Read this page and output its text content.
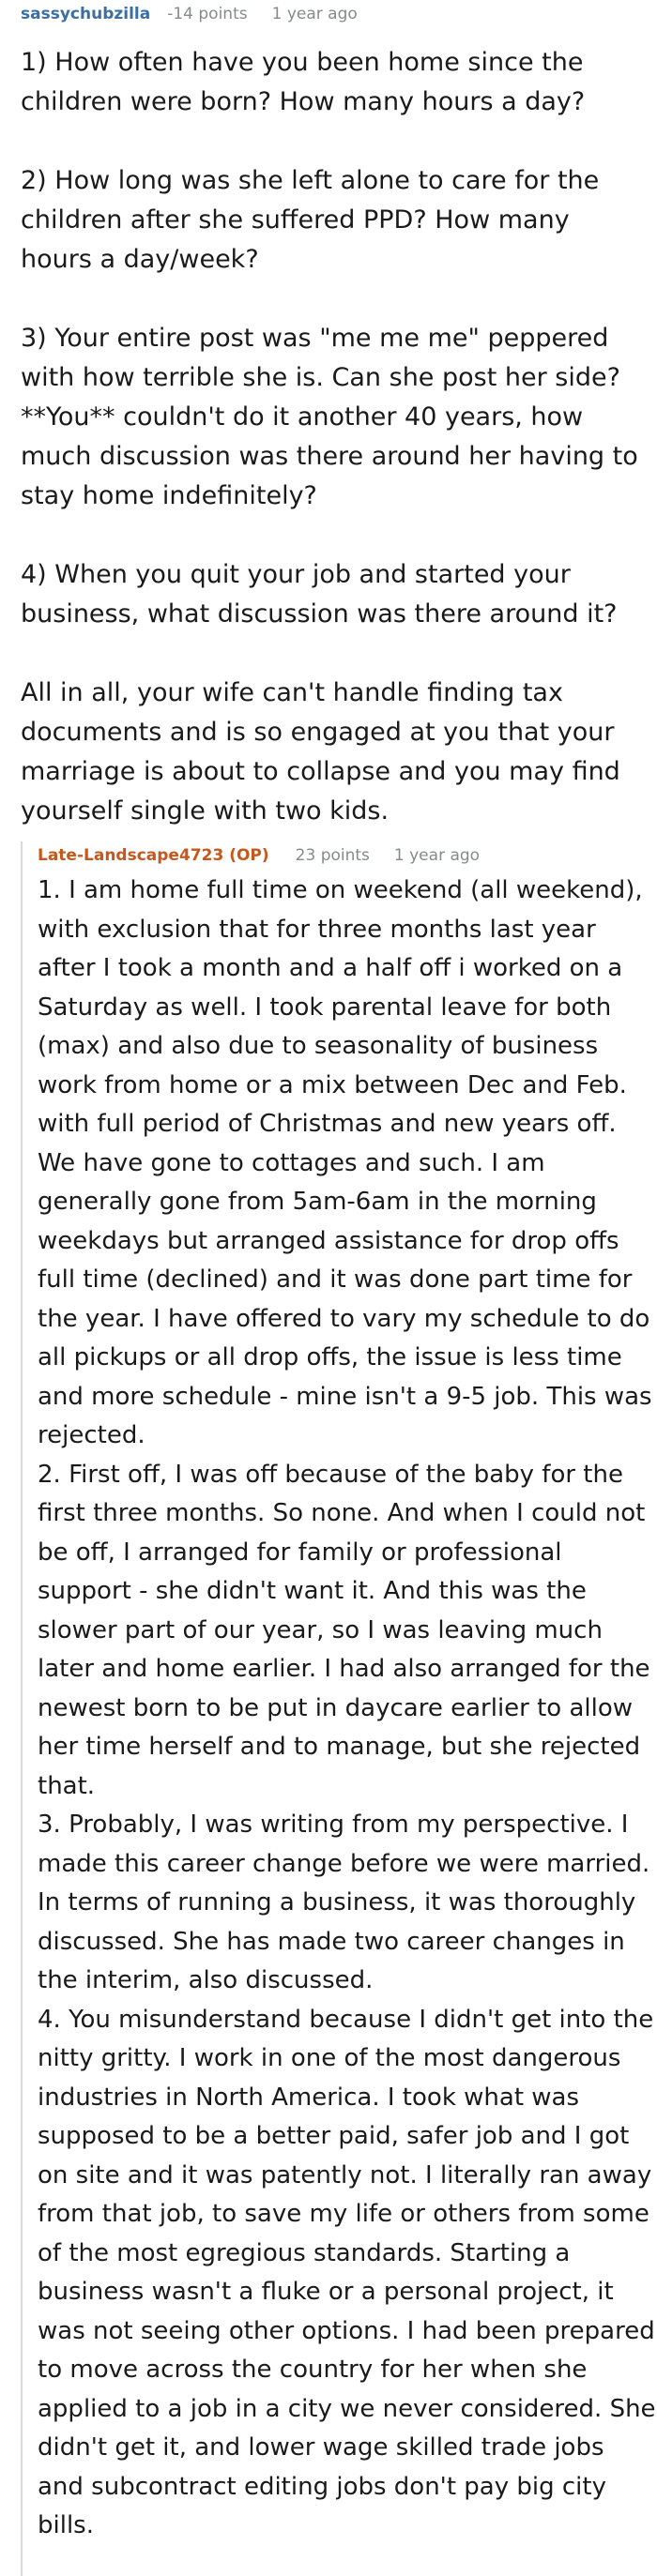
sassychubzilla -14 points 1 year ago

1) How often have you been home since the children were born? How many hours a day?

2) How long was she left alone to care for the children after she suffered PPD? How many hours a day/week?

3) Your entire post was "me me me" peppered with how terrible she is. Can she post her side? **You** couldn't do it another 40 years, how much discussion was there around her having to stay home indefinitely?

4) When you quit your job and started your business, what discussion was there around it?

All in all, your wife can't handle finding tax documents and is so engaged at you that your marriage is about to collapse and you may find yourself single with two kids.

Late-Landscape4723 (OP) 23 points 1 year ago

1. I am home full time on weekend (all weekend), with exclusion that for three months last year after I took a month and a half off i worked on a Saturday as well. I took parental leave for both (max) and also due to seasonality of business work from home or a mix between Dec and Feb. with full period of Christmas and new years off. We have gone to cottages and such. I am generally gone from 5am-6am in the morning weekdays but arranged assistance for drop offs full time (declined) and it was done part time for the year. I have offered to vary my schedule to do all pickups or all drop offs, the issue is less time and more schedule - mine isn't a 9-5 job. This was rejected.

2. First off, I was off because of the baby for the first three months. So none. And when I could not be off, I arranged for family or professional support - she didn't want it. And this was the slower part of our year, so I was leaving much later and home earlier. I had also arranged for the newest born to be put in daycare earlier to allow her time herself and to manage, but she rejected that.

3. Probably, I was writing from my perspective. I made this career change before we were married. In terms of running a business, it was thoroughly discussed. She has made two career changes in the interim, also discussed.

4. You misunderstand because I didn't get into the nitty gritty. I work in one of the most dangerous industries in North America. I took what was supposed to be a better paid, safer job and I got on site and it was patently not. I literally ran away from that job, to save my life or others from some of the most egregious standards. Starting a business wasn't a fluke or a personal project, it was not seeing other options. I had been prepared to move across the country for her when she applied to a job in a city we never considered. She didn't get it, and lower wage skilled trade jobs and subcontract editing jobs don't pay big city bills.
